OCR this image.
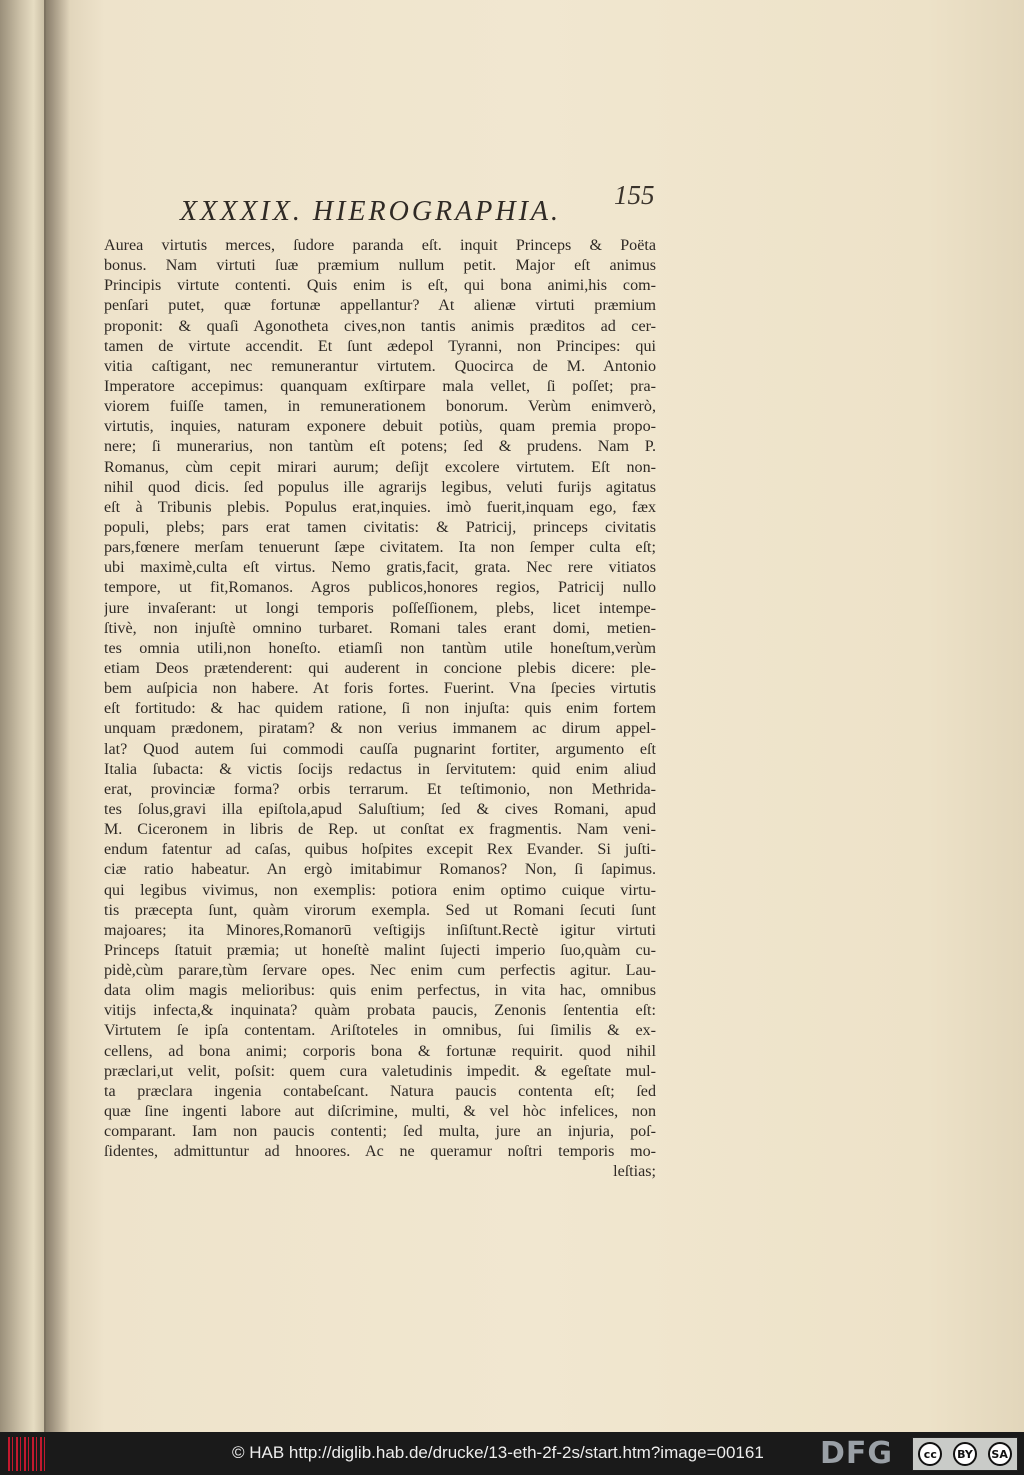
155
XXXXIX. HIEROGRAPHIA.
Aurea virtutis merces, ſudore paranda eſt. inquit Princeps & Poëta
bonus. Nam virtuti ſuæ præmium nullum petit. Major eſt animus
Principis virtute contenti. Quis enim is eſt, qui bona animi,his com-
penſari putet, quæ fortunæ appellantur? At alienæ virtuti præmium
proponit: & quaſi Agonotheta cives,non tantis animis præditos ad cer-
tamen de virtute accendit. Et ſunt ædepol Tyranni, non Principes: qui
vitia caſtigant, nec remunerantur virtutem. Quocirca de M. Antonio
Imperatore accepimus: quanquam exſtirpare mala vellet, ſi poſſet; pra-
viorem fuiſſe tamen, in remunerationem bonorum. Verùm enimverò,
virtutis, inquies, naturam exponere debuit potiùs, quam premia propo-
nere; ſi munerarius, non tantùm eſt potens; ſed & prudens. Nam P.
Romanus, cùm cepit mirari aurum; deſijt excolere virtutem. Eſt non-
nihil quod dicis. ſed populus ille agrarijs legibus, veluti furijs agitatus
eſt à Tribunis plebis. Populus erat,inquies. imò fuerit,inquam ego, fæx
populi, plebs; pars erat tamen civitatis: & Patricij, princeps civitatis
pars,fœnere merſam tenuerunt ſæpe civitatem. Ita non ſemper culta eſt;
ubi maximè,culta eſt virtus. Nemo gratis,facit, grata. Nec rere vitiatos
tempore, ut fit,Romanos. Agros publicos,honores regios, Patricij nullo
jure invaſerant: ut longi temporis poſſeſſionem, plebs, licet intempe-
ſtivè, non injuſtè omnino turbaret. Romani tales erant domi, metien-
tes omnia utili,non honeſto. etiamſi non tantùm utile honeſtum,verùm
etiam Deos prætenderent: qui auderent in concione plebis dicere: ple-
bem auſpicia non habere. At foris fortes. Fuerint. Vna ſpecies virtutis
eſt fortitudo: & hac quidem ratione, ſi non injuſta: quis enim fortem
unquam prædonem, piratam? & non verius immanem ac dirum appel-
lat? Quod autem ſui commodi cauſſa pugnarint fortiter, argumento eſt
Italia ſubacta: & victis ſocijs redactus in ſervitutem: quid enim aliud
erat, provinciæ forma? orbis terrarum. Et teſtimonio, non Methrida-
tes ſolus,gravi illa epiſtola,apud Saluſtium; ſed & cives Romani, apud
M. Ciceronem in libris de Rep. ut conſtat ex fragmentis. Nam veni-
endum fatentur ad caſas, quibus hoſpites excepit Rex Evander. Si juſti-
ciæ ratio habeatur. An ergò imitabimur Romanos? Non, ſi ſapimus.
qui legibus vivimus, non exemplis: potiora enim optimo cuique virtu-
tis præcepta ſunt, quàm virorum exempla. Sed ut Romani ſecuti ſunt
majoares; ita Minores,Romanorū veſtigijs inſiſtunt.Rectè igitur virtuti
Princeps ſtatuit præmia; ut honeſtè malint ſujecti imperio ſuo,quàm cu-
pidè,cùm parare,tùm ſervare opes. Nec enim cum perfectis agitur. Lau-
data olim magis melioribus: quis enim perfectus, in vita hac, omnibus
vitijs infecta,& inquinata? quàm probata paucis, Zenonis ſententia eſt:
Virtutem ſe ipſa contentam. Ariſtoteles in omnibus, ſui ſimilis & ex-
cellens, ad bona animi; corporis bona & fortunæ requirit. quod nihil
præclari,ut velit, poſsit: quem cura valetudinis impedit. & egeſtate mul-
ta præclara ingenia contabeſcant. Natura paucis contenta eſt; ſed
quæ ſine ingenti labore aut diſcrimine, multi, & vel hòc infelices, non
comparant. Iam non paucis contenti; ſed multa, jure an injuria, poſ-
ſidentes, admittuntur ad hnoores. Ac ne queramur noſtri temporis mo-
leſtias;
© HAB http://diglib.hab.de/drucke/13-eth-2f-2s/start.htm?image=00161 DFG	cc	BY SA
